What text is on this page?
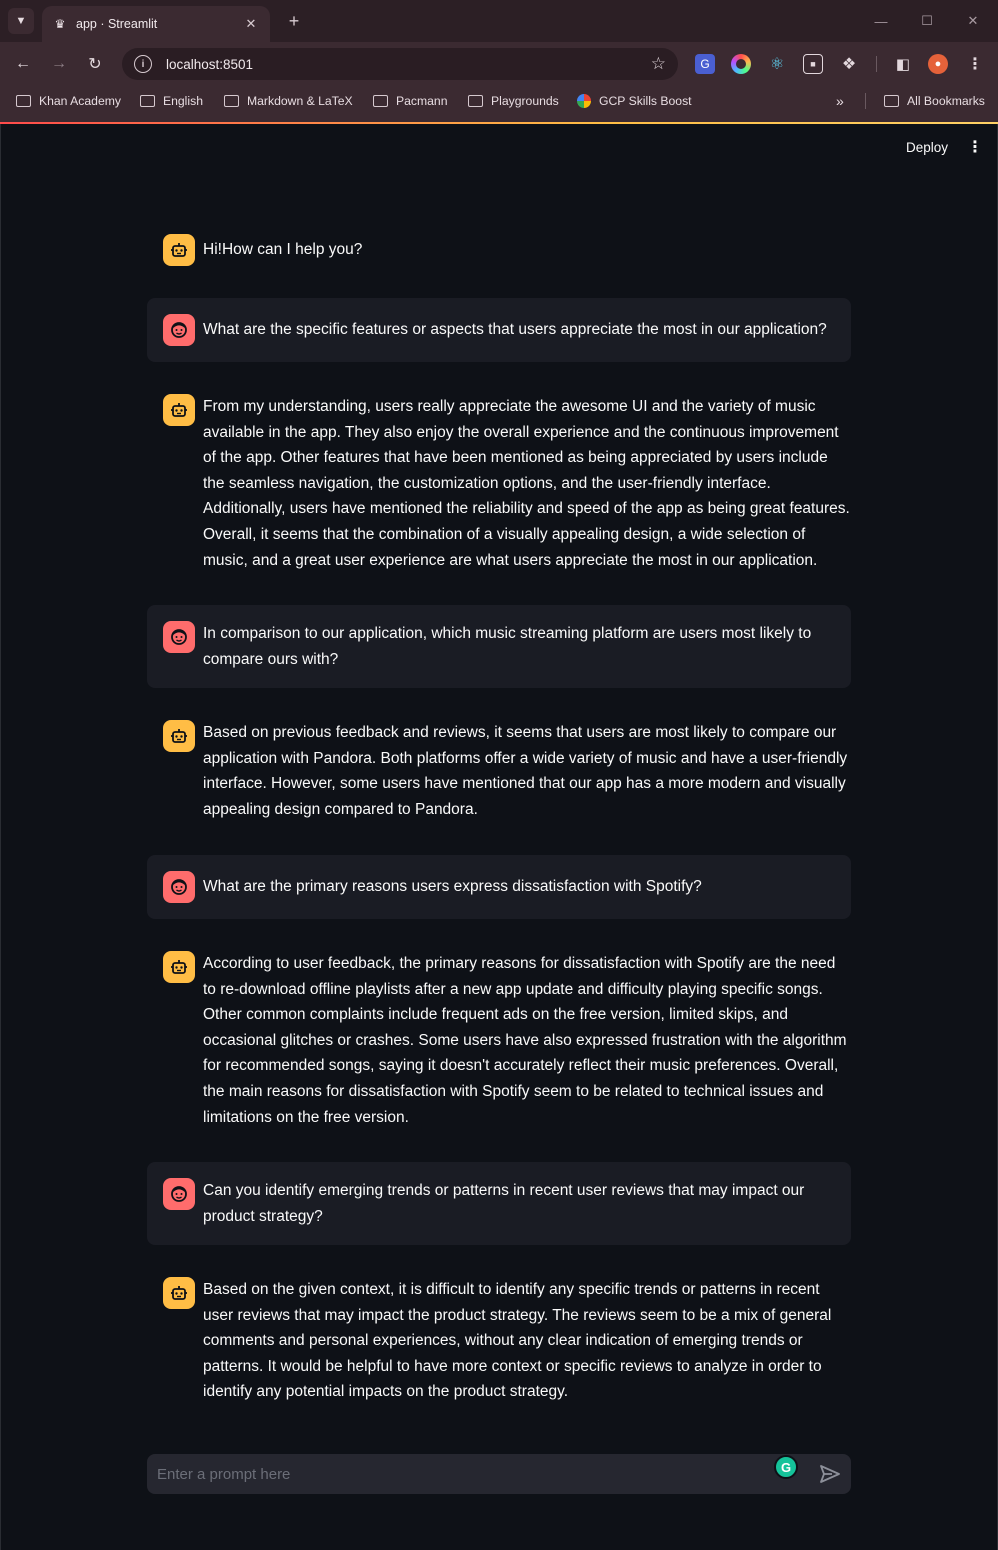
▼ ♛ app · Streamlit	✕	+	—	☐	✕
←	→	↻	i	localhost:8501	☆	G	⚛	■	❖	◧	●	⋮
Khan Academy	English	Markdown & LaTeX	Pacmann	Playgrounds	GCP Skills Boost	»	All Bookmarks
Deploy	⋮
Hi!How can I help you?
What are the specific features or aspects that users appreciate the most in our application?
From my understanding, users really appreciate the awesome UI and the variety of music available in the app. They also enjoy the overall experience and the continuous improvement of the app. Other features that have been mentioned as being appreciated by users include the seamless navigation, the customization options, and the user-friendly interface. Additionally, users have mentioned the reliability and speed of the app as being great features. Overall, it seems that the combination of a visually appealing design, a wide selection of music, and a great user experience are what users appreciate the most in our application.
In comparison to our application, which music streaming platform are users most likely to compare ours with?
Based on previous feedback and reviews, it seems that users are most likely to compare our application with Pandora. Both platforms offer a wide variety of music and have a user-friendly interface. However, some users have mentioned that our app has a more modern and visually appealing design compared to Pandora.
What are the primary reasons users express dissatisfaction with Spotify?
According to user feedback, the primary reasons for dissatisfaction with Spotify are the need to re-download offline playlists after a new app update and difficulty playing specific songs. Other common complaints include frequent ads on the free version, limited skips, and occasional glitches or crashes. Some users have also expressed frustration with the algorithm for recommended songs, saying it doesn't accurately reflect their music preferences. Overall, the main reasons for dissatisfaction with Spotify seem to be related to technical issues and limitations on the free version.
Can you identify emerging trends or patterns in recent user reviews that may impact our product strategy?
Based on the given context, it is difficult to identify any specific trends or patterns in recent user reviews that may impact the product strategy. The reviews seem to be a mix of general comments and personal experiences, without any clear indication of emerging trends or patterns. It would be helpful to have more context or specific reviews to analyze in order to identify any potential impacts on the product strategy.
Enter a prompt here
G
